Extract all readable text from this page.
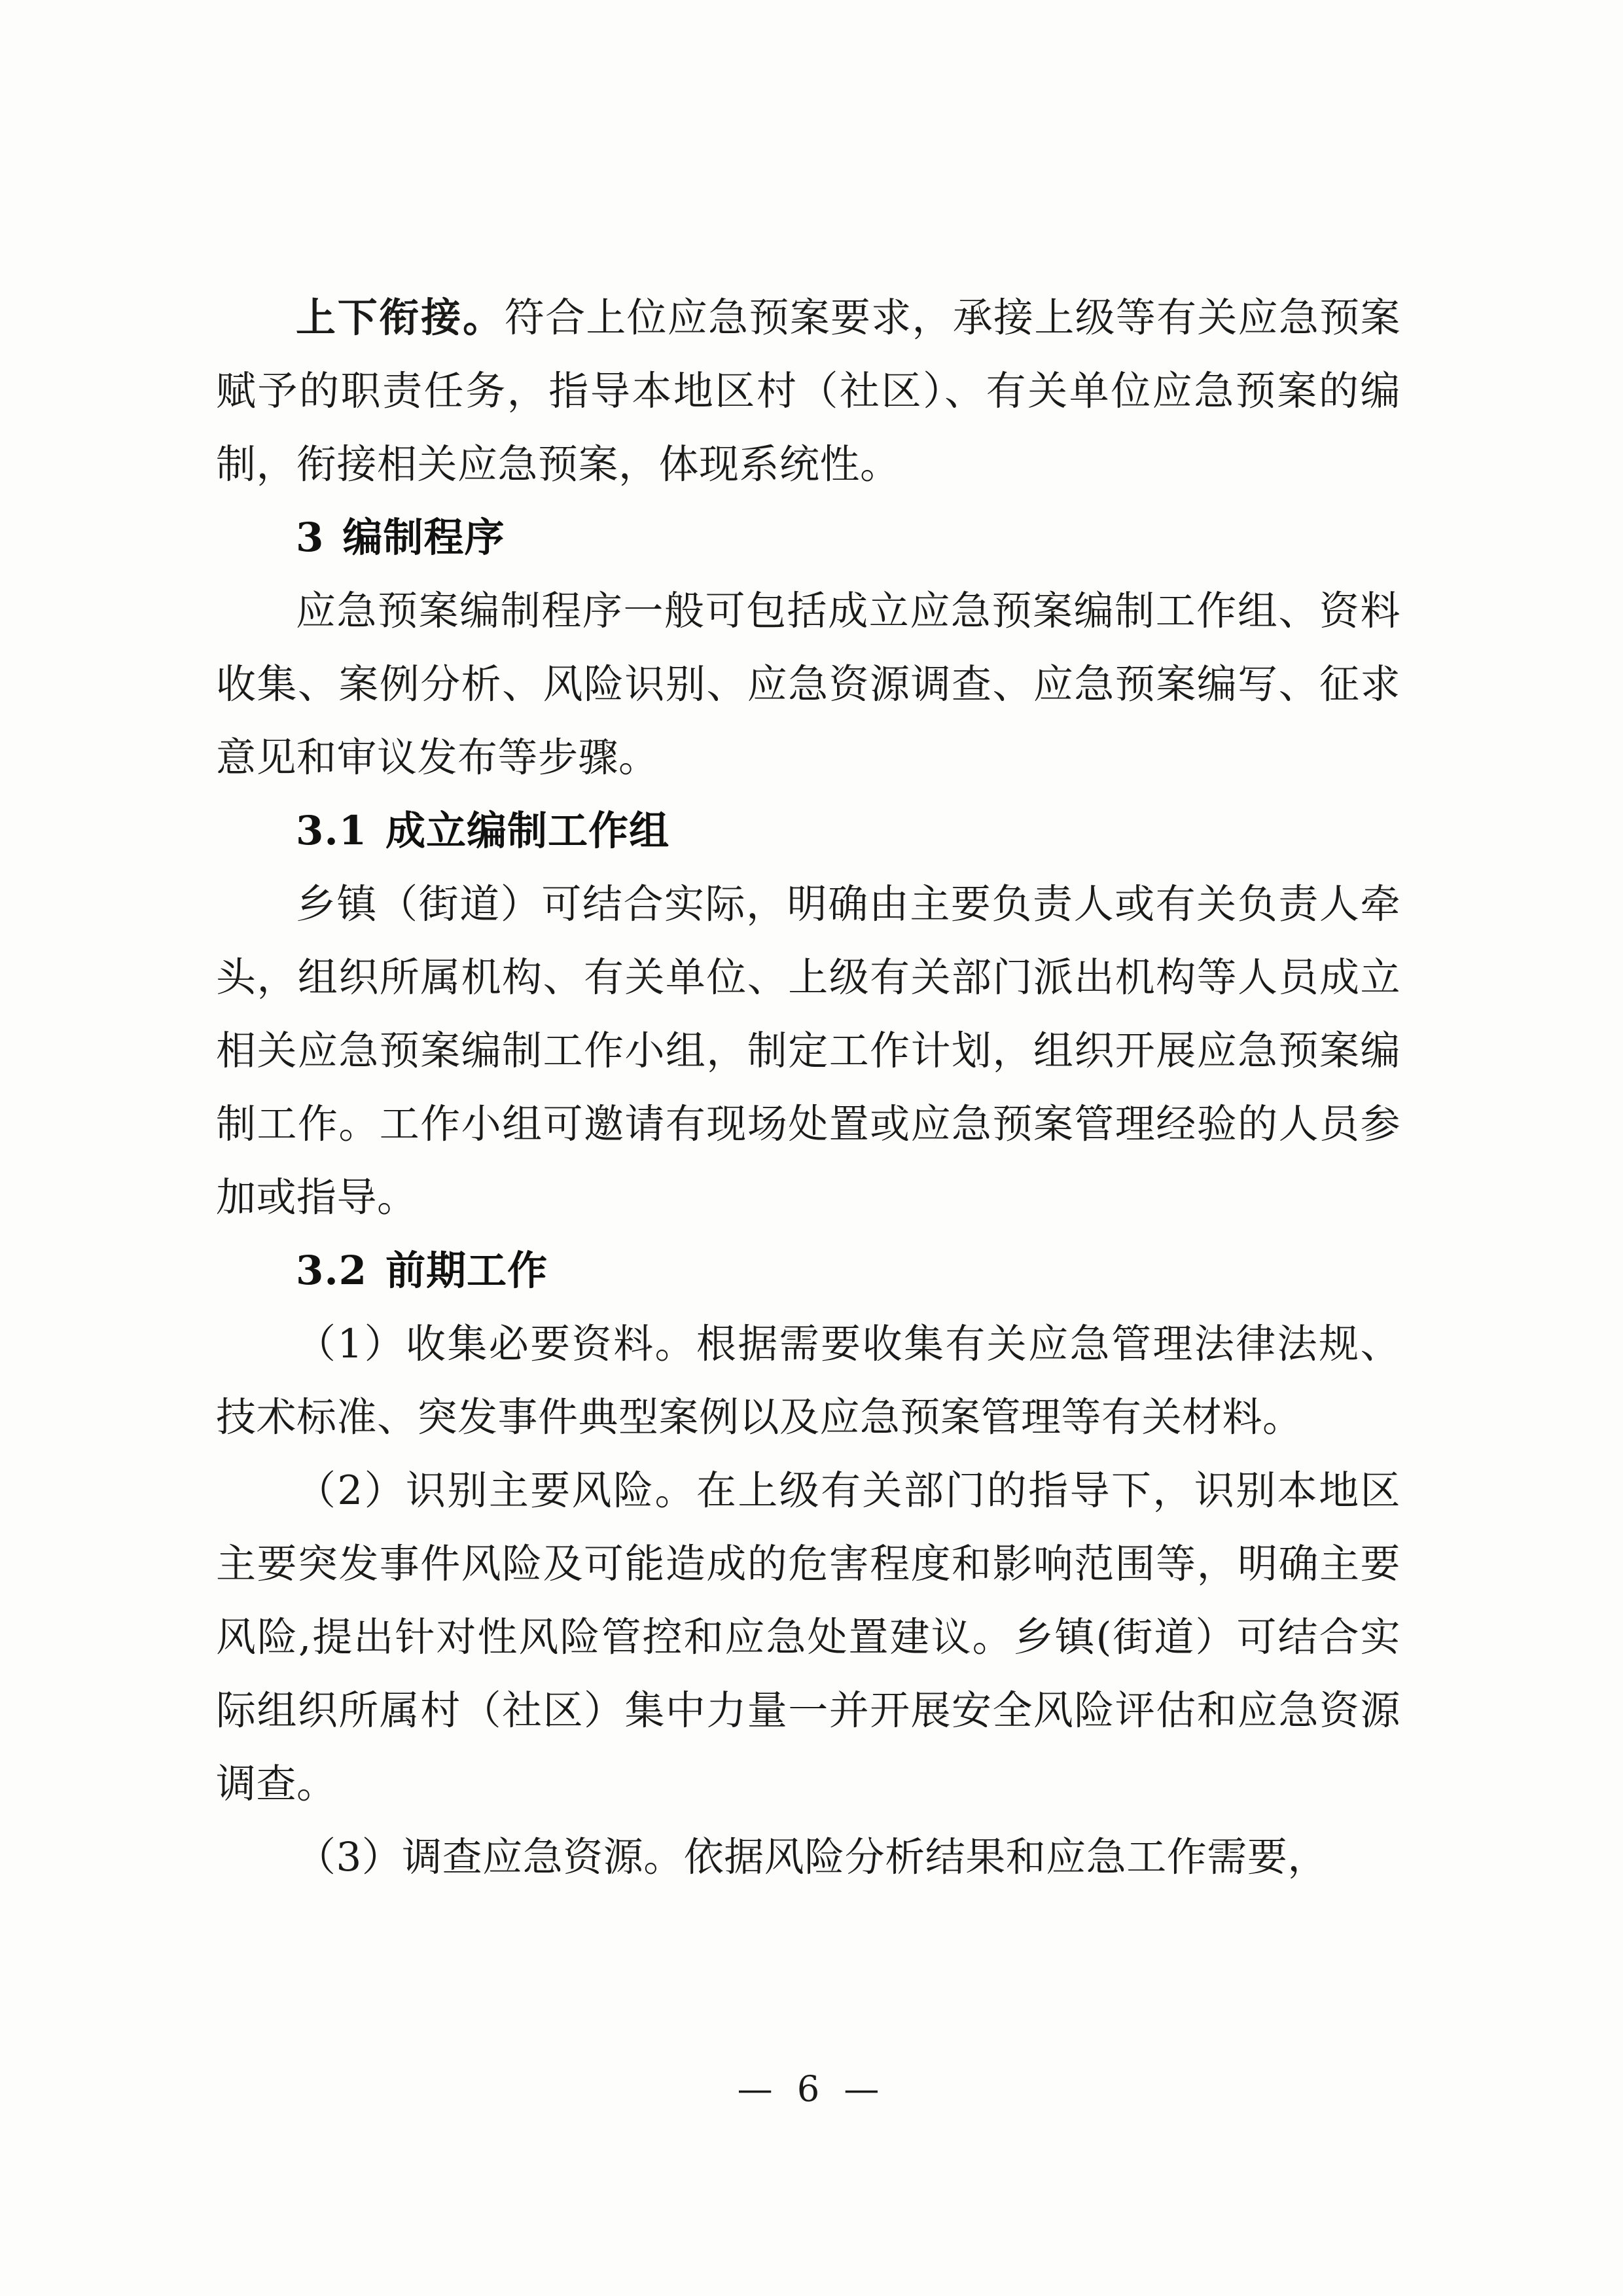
上下衔接。符合上位应急预案要求，承接上级等有关应急预案赋予的职责任务，指导本地区村（社区）、有关单位应急预案的编制，衔接相关应急预案，体现系统性。

3 编制程序

应急预案编制程序一般可包括成立应急预案编制工作组、资料收集、案例分析、风险识别、应急资源调查、应急预案编写、征求意见和审议发布等步骤。

3.1 成立编制工作组

乡镇（街道）可结合实际，明确由主要负责人或有关负责人牵头，组织所属机构、有关单位、上级有关部门派出机构等人员成立相关应急预案编制工作小组，制定工作计划，组织开展应急预案编制工作。工作小组可邀请有现场处置或应急预案管理经验的人员参加或指导。

3.2 前期工作

（1）收集必要资料。根据需要收集有关应急管理法律法规、技术标准、突发事件典型案例以及应急预案管理等有关材料。

（2）识别主要风险。在上级有关部门的指导下，识别本地区主要突发事件风险及可能造成的危害程度和影响范围等，明确主要风险,提出针对性风险管控和应急处置建议。乡镇(街道）可结合实际组织所属村（社区）集中力量一并开展安全风险评估和应急资源调查。

（3）调查应急资源。依据风险分析结果和应急工作需要，

— 6 —
